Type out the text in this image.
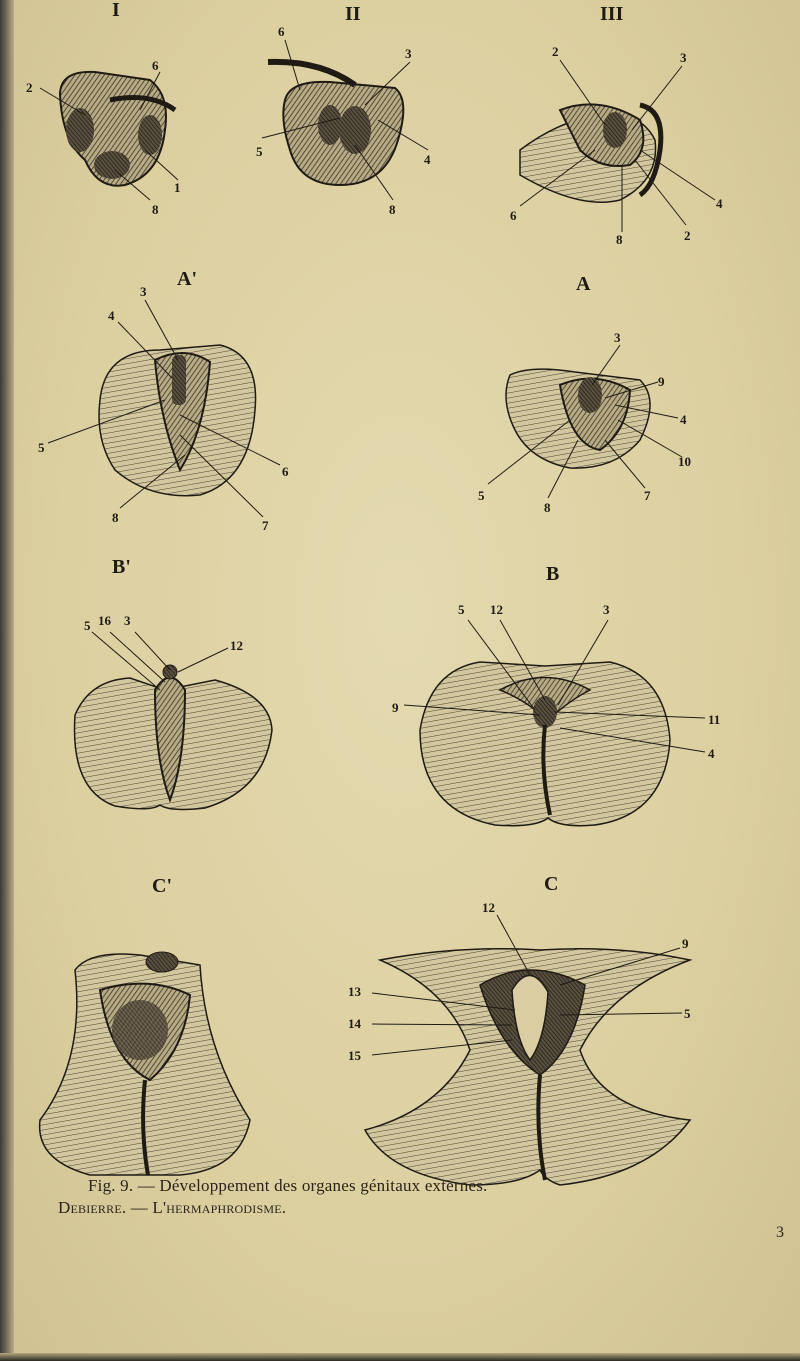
I
2
6
1
8
II
6
3
5
4
8
III
2	3
6
8	2
4
A'
3
4
5
8
6
7
A
3
9
4
10
5
8
7
B'
5 16 3
12
B
5 12	3
9
11
4
C'	C
12
9
13
14
15
5
Fig. 9. — Développement des organes génitaux externes.
Debierre. — L'hermaphrodisme.
3
